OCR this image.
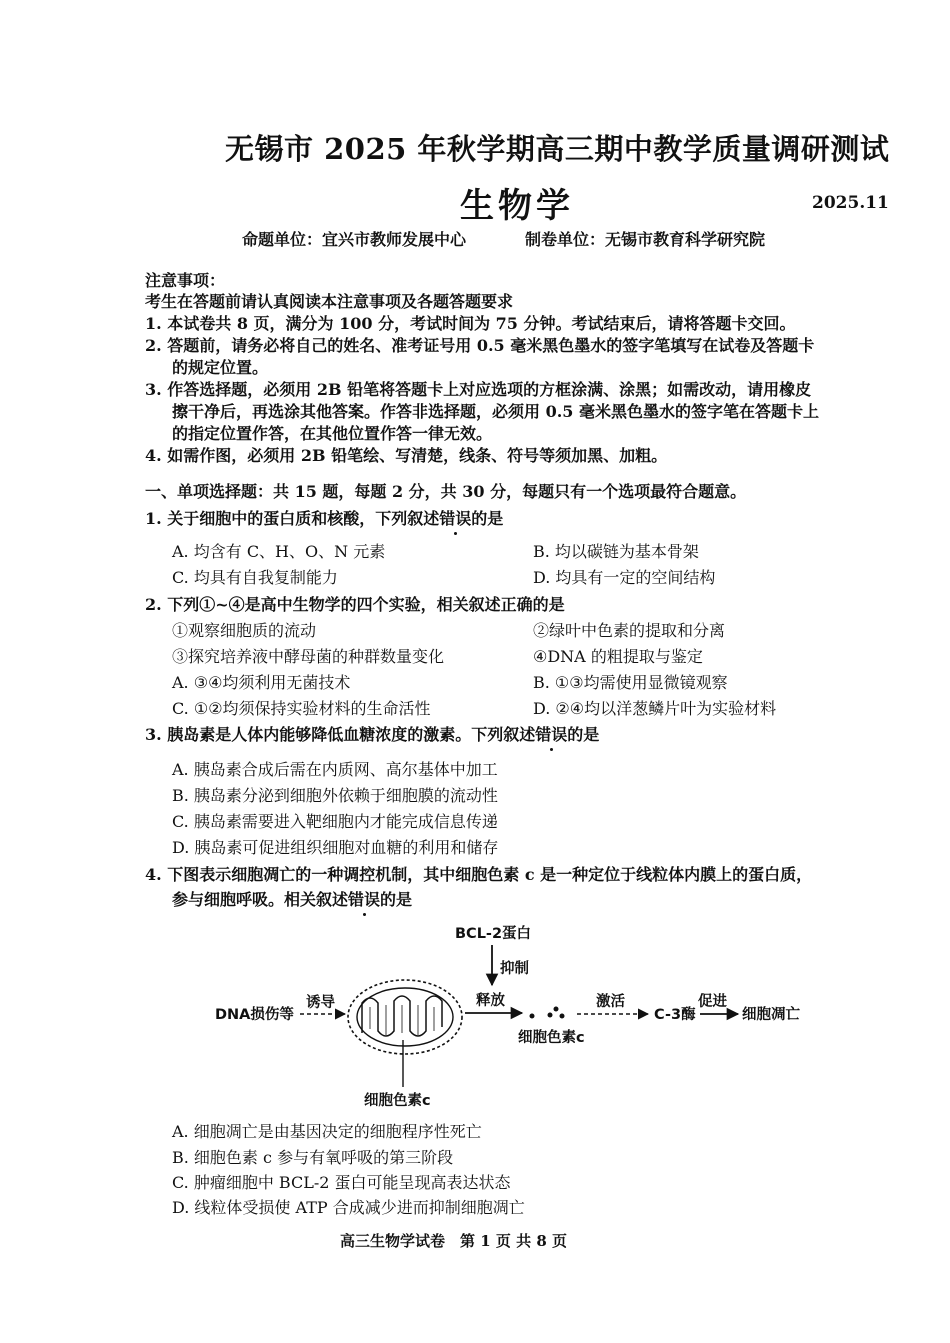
无锡市 2025 年秋学期高三期中教学质量调研测试
生物学	2025.11
命题单位：宜兴市教师发展中心	制卷单位：无锡市教育科学研究院
注意事项：
考生在答题前请认真阅读本注意事项及各题答题要求
1. 本试卷共 8 页，满分为 100 分，考试时间为 75 分钟。考试结束后，请将答题卡交回。
2. 答题前，请务必将自己的姓名、准考证号用 0.5 毫米黑色墨水的签字笔填写在试卷及答题卡
的规定位置。
3. 作答选择题，必须用 2B 铅笔将答题卡上对应选项的方框涂满、涂黑；如需改动，请用橡皮
擦干净后，再选涂其他答案。作答非选择题，必须用 0.5 毫米黑色墨水的签字笔在答题卡上
的指定位置作答，在其他位置作答一律无效。
4. 如需作图，必须用 2B 铅笔绘、写清楚，线条、符号等须加黑、加粗。
一、单项选择题：共 15 题，每题 2 分，共 30 分，每题只有一个选项最符合题意。
1. 关于细胞中的蛋白质和核酸，下列叙述错误的是
A. 均含有 C、H、O、N 元素	B. 均以碳链为基本骨架
C. 均具有自我复制能力	D. 均具有一定的空间结构
2. 下列①~④是高中生物学的四个实验，相关叙述正确的是
①观察细胞质的流动	②绿叶中色素的提取和分离
③探究培养液中酵母菌的种群数量变化	④DNA 的粗提取与鉴定
A. ③④均须利用无菌技术	B. ①③均需使用显微镜观察
C. ①②均须保持实验材料的生命活性	D. ②④均以洋葱鳞片叶为实验材料
3. 胰岛素是人体内能够降低血糖浓度的激素。下列叙述错误的是
A. 胰岛素合成后需在内质网、高尔基体中加工
B. 胰岛素分泌到细胞外依赖于细胞膜的流动性
C. 胰岛素需要进入靶细胞内才能完成信息传递
D. 胰岛素可促进组织细胞对血糖的利用和储存
4. 下图表示细胞凋亡的一种调控机制，其中细胞色素 c 是一种定位于线粒体内膜上的蛋白质，
参与细胞呼吸。相关叙述错误的是
BCL-2蛋白
抑制
DNA损伤等
诱导
细胞色素c
释放
细胞色素c
激活
C-3酶
促进
细胞凋亡
A. 细胞凋亡是由基因决定的细胞程序性死亡
B. 细胞色素 c 参与有氧呼吸的第三阶段
C. 肿瘤细胞中 BCL-2 蛋白可能呈现高表达状态
D. 线粒体受损使 ATP 合成减少进而抑制细胞凋亡
高三生物学试卷　第 1 页 共 8 页
